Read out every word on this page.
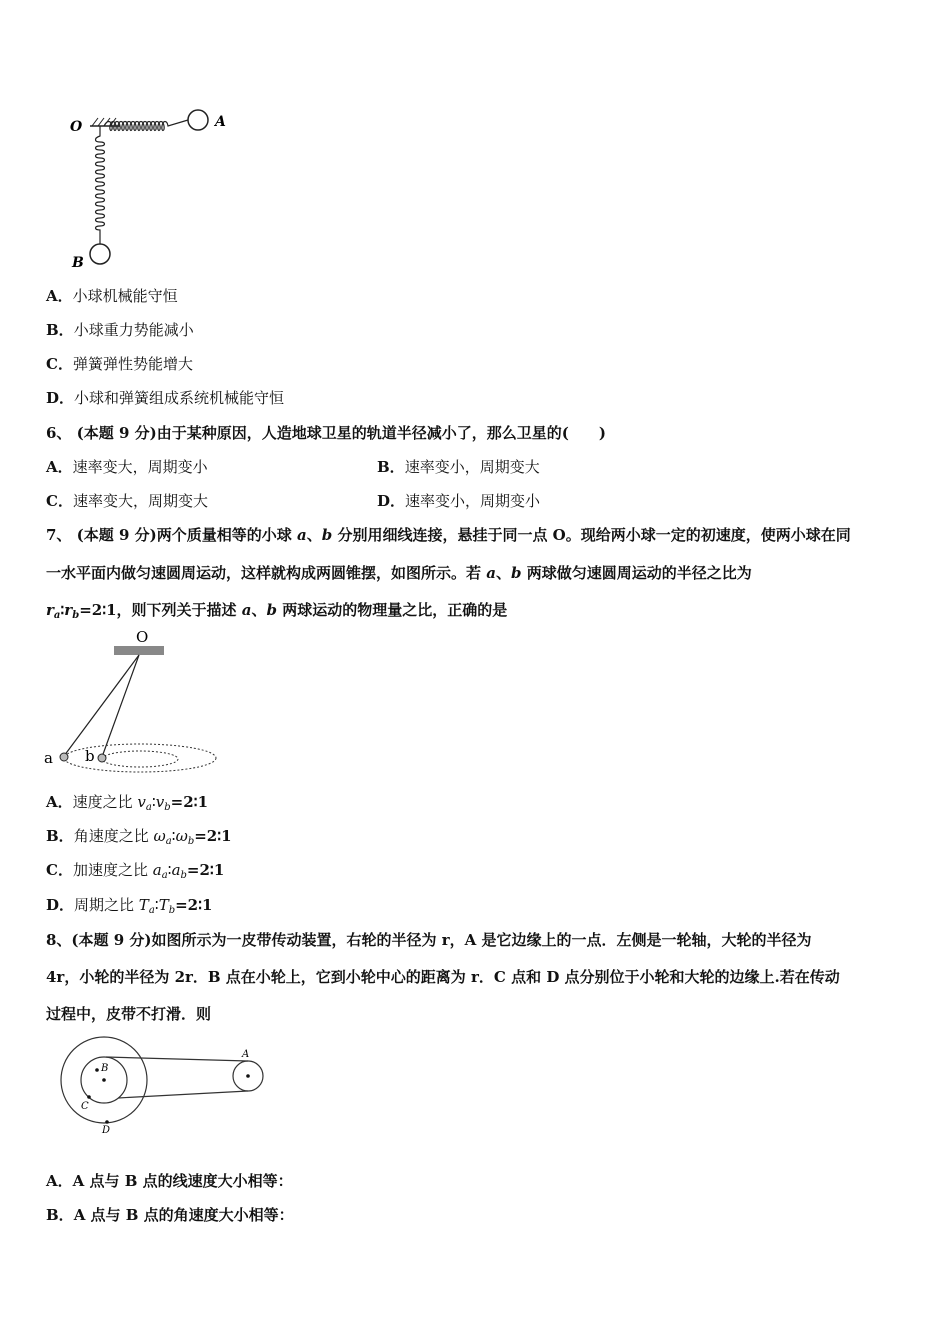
O	A
B
A．小球机械能守恒
B．小球重力势能减小
C．弹簧弹性势能增大
D．小球和弹簧组成系统机械能守恒
6、 (本题 9 分)由于某种原因，人造地球卫星的轨道半径减小了，那么卫星的(　　)
A．速率变大，周期变小	B．速率变小，周期变大
C．速率变大，周期变大	D．速率变小，周期变小
7、 (本题 9 分)两个质量相等的小球 a、b 分别用细线连接，悬挂于同一点 O。现给两小球一定的初速度，使两小球在同
一水平面内做匀速圆周运动，这样就构成两圆锥摆，如图所示。若 a、b 两球做匀速圆周运动的半径之比为
$r_a∶r_b=2∶1$，则下列关于描述 a、b 两球运动的物理量之比，正确的是
O
a b
A．速度之比 $v_a∶v_b=2∶1$
B．角速度之比 $\omega_a∶\omega_b=2∶1$
C．加速度之比 $a_a∶a_b=2∶1$
D．周期之比 $T_a∶T_b=2∶1$
8、(本题 9 分)如图所示为一皮带传动装置，右轮的半径为 r，A 是它边缘上的一点．左侧是一轮轴，大轮的半径为
4r，小轮的半径为 2r．B 点在小轮上，它到小轮中心的距离为 r．C 点和 D 点分别位于小轮和大轮的边缘上.若在传动
过程中，皮带不打滑．则
A
B
C
D
A．A 点与 B 点的线速度大小相等：
B．A 点与 B 点的角速度大小相等：
